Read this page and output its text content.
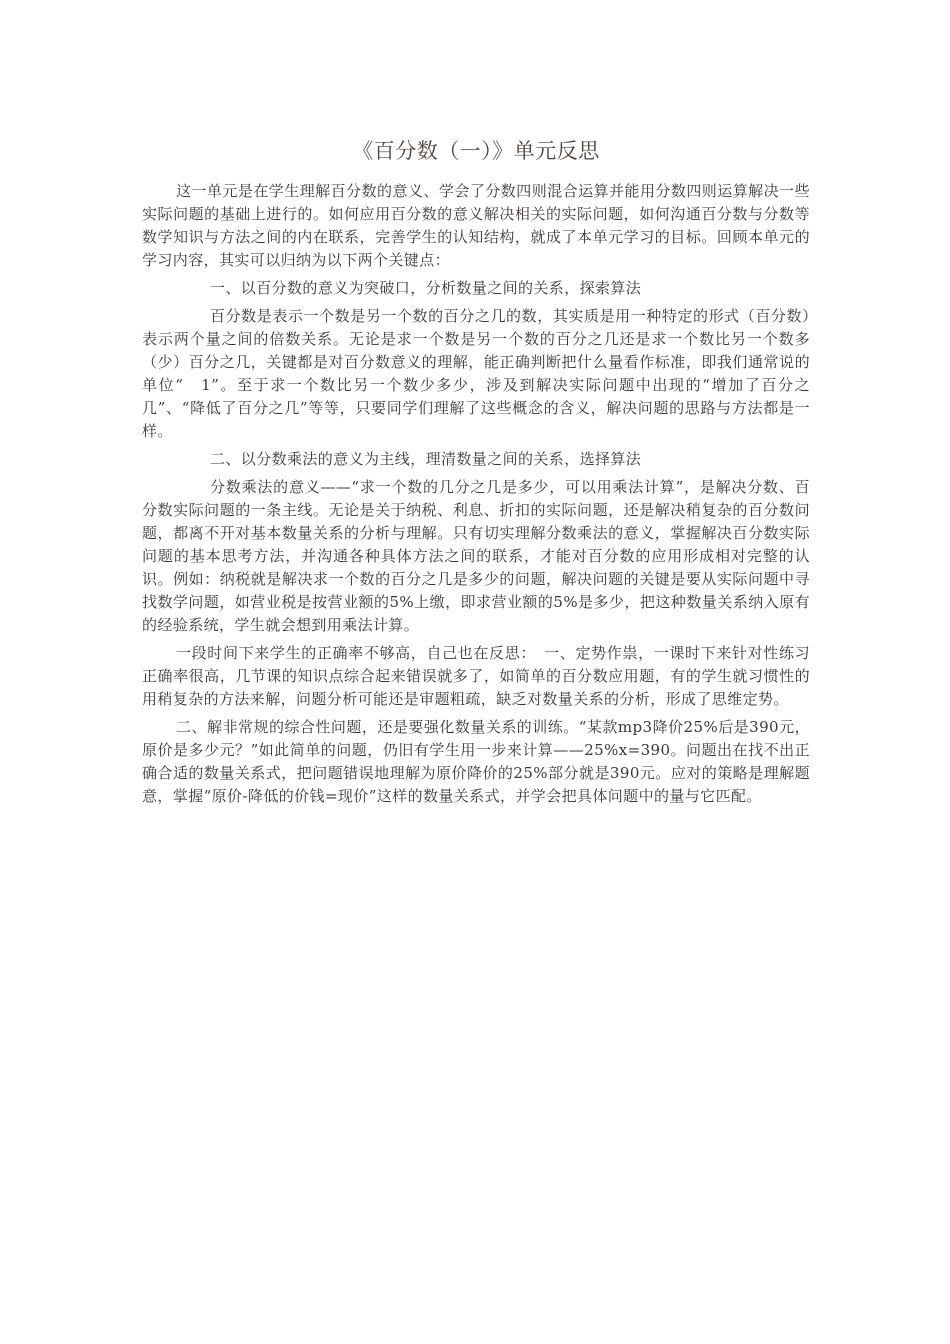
《百分数（一）》单元反思

这一单元是在学生理解百分数的意义、学会了分数四则混合运算并能用分数四则运算解决一些实际问题的基础上进行的。如何应用百分数的意义解决相关的实际问题，如何沟通百分数与分数等数学知识与方法之间的内在联系，完善学生的认知结构，就成了本单元学习的目标。回顾本单元的学习内容，其实可以归纳为以下两个关键点：

一、以百分数的意义为突破口，分析数量之间的关系，探索算法

百分数是表示一个数是另一个数的百分之几的数，其实质是用一种特定的形式（百分数）表示两个量之间的倍数关系。无论是求一个数是另一个数的百分之几还是求一个数比另一个数多（少）百分之几，关键都是对百分数意义的理解，能正确判断把什么量看作标准，即我们通常说的单位“　1”。至于求一个数比另一个数少多少，涉及到解决实际问题中出现的“增加了百分之几”、“降低了百分之几”等等，只要同学们理解了这些概念的含义，解决问题的思路与方法都是一样。

二、以分数乘法的意义为主线，理清数量之间的关系，选择算法

分数乘法的意义——“求一个数的几分之几是多少，可以用乘法计算”，是解决分数、百分数实际问题的一条主线。无论是关于纳税、利息、折扣的实际问题，还是解决稍复杂的百分数问题，都离不开对基本数量关系的分析与理解。只有切实理解分数乘法的意义，掌握解决百分数实际问题的基本思考方法，并沟通各种具体方法之间的联系，才能对百分数的应用形成相对完整的认识。例如：纳税就是解决求一个数的百分之几是多少的问题，解决问题的关键是要从实际问题中寻找数学问题，如营业税是按营业额的5%上缴，即求营业额的5%是多少，把这种数量关系纳入原有的经验系统，学生就会想到用乘法计算。

一段时间下来学生的正确率不够高，自己也在反思：　一、定势作祟，一课时下来针对性练习正确率很高，几节课的知识点综合起来错误就多了，如简单的百分数应用题，有的学生就习惯性的用稍复杂的方法来解，问题分析可能还是审题粗疏，缺乏对数量关系的分析，形成了思维定势。

二、解非常规的综合性问题，还是要强化数量关系的训练。“某款mp3降价25%后是390元，原价是多少元？”如此简单的问题，仍旧有学生用一步来计算——25%x=390。问题出在找不出正确合适的数量关系式，把问题错误地理解为原价降价的25%部分就是390元。应对的策略是理解题意，掌握“原价-降低的价钱=现价”这样的数量关系式，并学会把具体问题中的量与它匹配。
